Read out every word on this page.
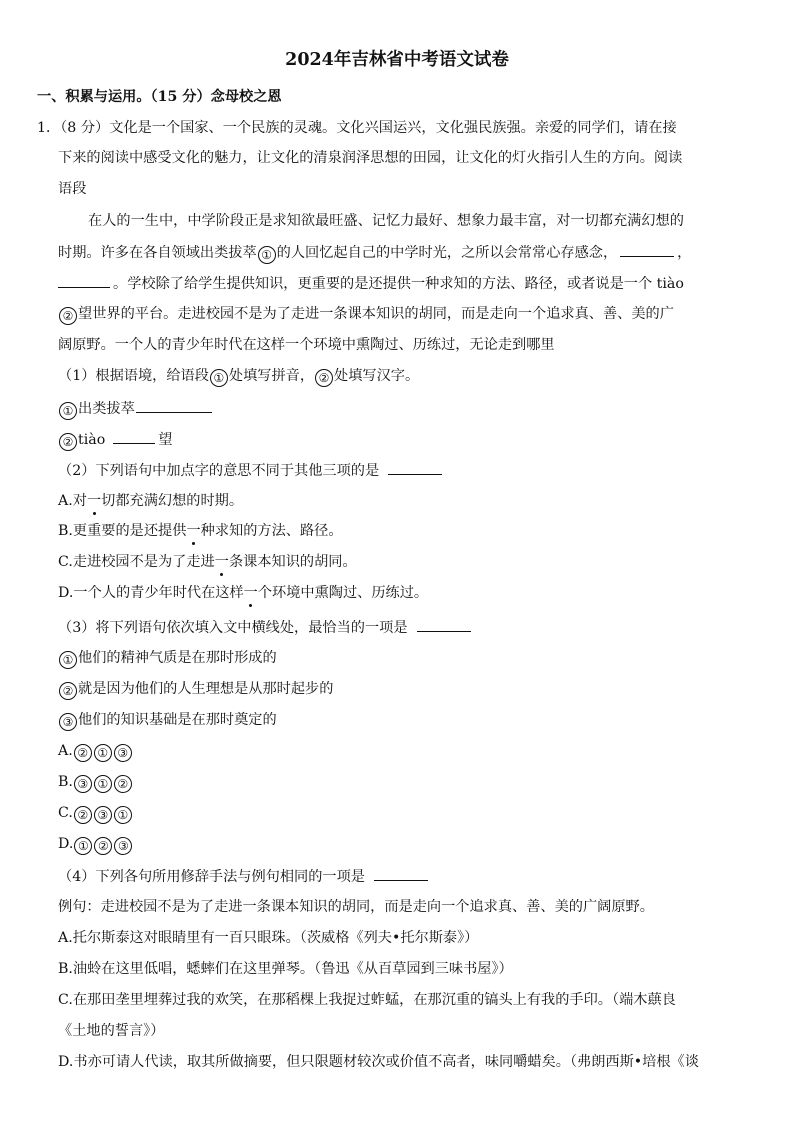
2024年吉林省中考语文试卷
一、积累与运用。（15 分）念母校之恩
1．（8 分）文化是一个国家、一个民族的灵魂。文化兴国运兴，文化强民族强。亲爱的同学们，请在接
下来的阅读中感受文化的魅力，让文化的清泉润泽思想的田园，让文化的灯火指引人生的方向。阅读
语段
在人的一生中，中学阶段正是求知欲最旺盛、记忆力最好、想象力最丰富，对一切都充满幻想的
时期。许多在各自领域出类拔萃 ① 的人回忆起自己的中学时光，之所以会常常心存感念，	，
。学校除了给学生提供知识，更重要的是还提供一种求知的方法、路径，或者说是一个 tiào
② 望世界的平台。走进校园不是为了走进一条课本知识的胡同，而是走向一个追求真、善、美的广
阔原野。一个人的青少年时代在这样一个环境中熏陶过、历练过，无论走到哪里
（1）根据语境，给语段 ① 处填写拼音， ② 处填写汉字。
① 出类拔萃
② tiào	望
（2）下列语句中加点字的意思不同于其他三项的是
A.对一切都充满幻想的时期。
B.更重要的是还提供一种求知的方法、路径。
C.走进校园不是为了走进一条课本知识的胡同。
D.一个人的青少年时代在这样一个环境中熏陶过、历练过。
（3）将下列语句依次填入文中横线处，最恰当的一项是
① 他们的精神气质是在那时形成的
② 就是因为他们的人生理想是从那时起步的
③ 他们的知识基础是在那时奠定的
A. ② ① ③
B. ③ ① ②
C. ② ③ ①
D. ① ② ③
（4）下列各句所用修辞手法与例句相同的一项是
例句：走进校园不是为了走进一条课本知识的胡同，而是走向一个追求真、善、美的广阔原野。
A.托尔斯泰这对眼睛里有一百只眼珠。（茨威格《列夫•托尔斯泰》）
B.油蛉在这里低唱，蟋蟀们在这里弹琴。（鲁迅《从百草园到三味书屋》）
C.在那田垄里埋葬过我的欢笑，在那稻棵上我捉过蚱蜢，在那沉重的镐头上有我的手印。（端木蕻良
《土地的誓言》）
D.书亦可请人代读，取其所做摘要，但只限题材较次或价值不高者，味同嚼蜡矣。（弗朗西斯•培根《谈
